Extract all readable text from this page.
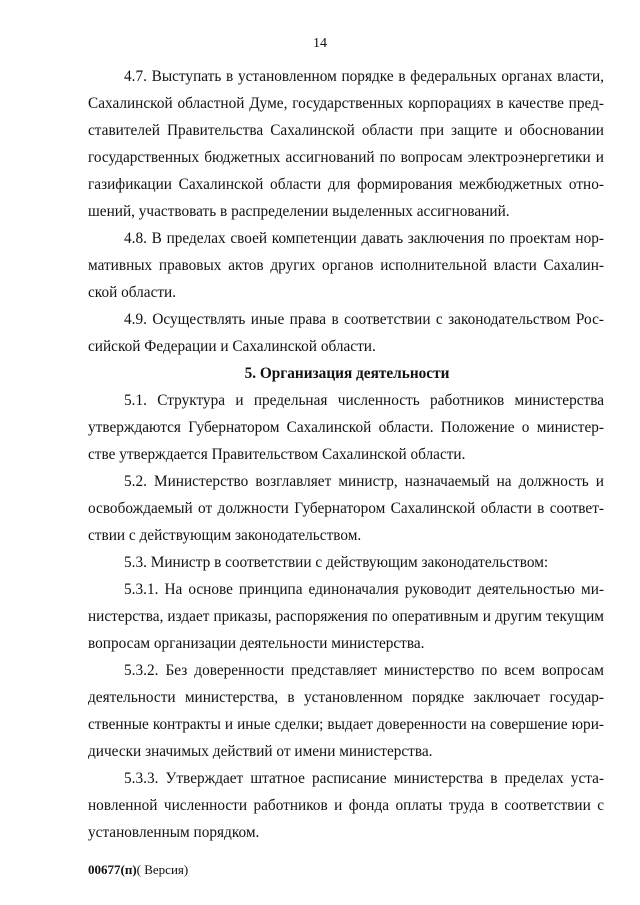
14

4.7. Выступать в установленном порядке в федеральных органах власти, Сахалинской областной Думе, государственных корпорациях в качестве представителей Правительства Сахалинской области при защите и обосновании государственных бюджетных ассигнований по вопросам электроэнергетики и газификации Сахалинской области для формирования межбюджетных отношений, участвовать в распределении выделенных ассигнований.

4.8. В пределах своей компетенции давать заключения по проектам нормативных правовых актов других органов исполнительной власти Сахалинской области.

4.9. Осуществлять иные права в соответствии с законодательством Российской Федерации и Сахалинской области.

5. Организация деятельности

5.1. Структура и предельная численность работников министерства утверждаются Губернатором Сахалинской области. Положение о министерстве утверждается Правительством Сахалинской области.

5.2. Министерство возглавляет министр, назначаемый на должность и освобождаемый от должности Губернатором Сахалинской области в соответствии с действующим законодательством.

5.3. Министр в соответствии с действующим законодательством:

5.3.1. На основе принципа единоначалия руководит деятельностью министерства, издает приказы, распоряжения по оперативным и другим текущим вопросам организации деятельности министерства.

5.3.2. Без доверенности представляет министерство по всем вопросам деятельности министерства, в установленном порядке заключает государственные контракты и иные сделки; выдает доверенности на совершение юридически значимых действий от имени министерства.

5.3.3. Утверждает штатное расписание министерства в пределах установленной численности работников и фонда оплаты труда в соответствии с установленным порядком.

00677(п)( Версия)
